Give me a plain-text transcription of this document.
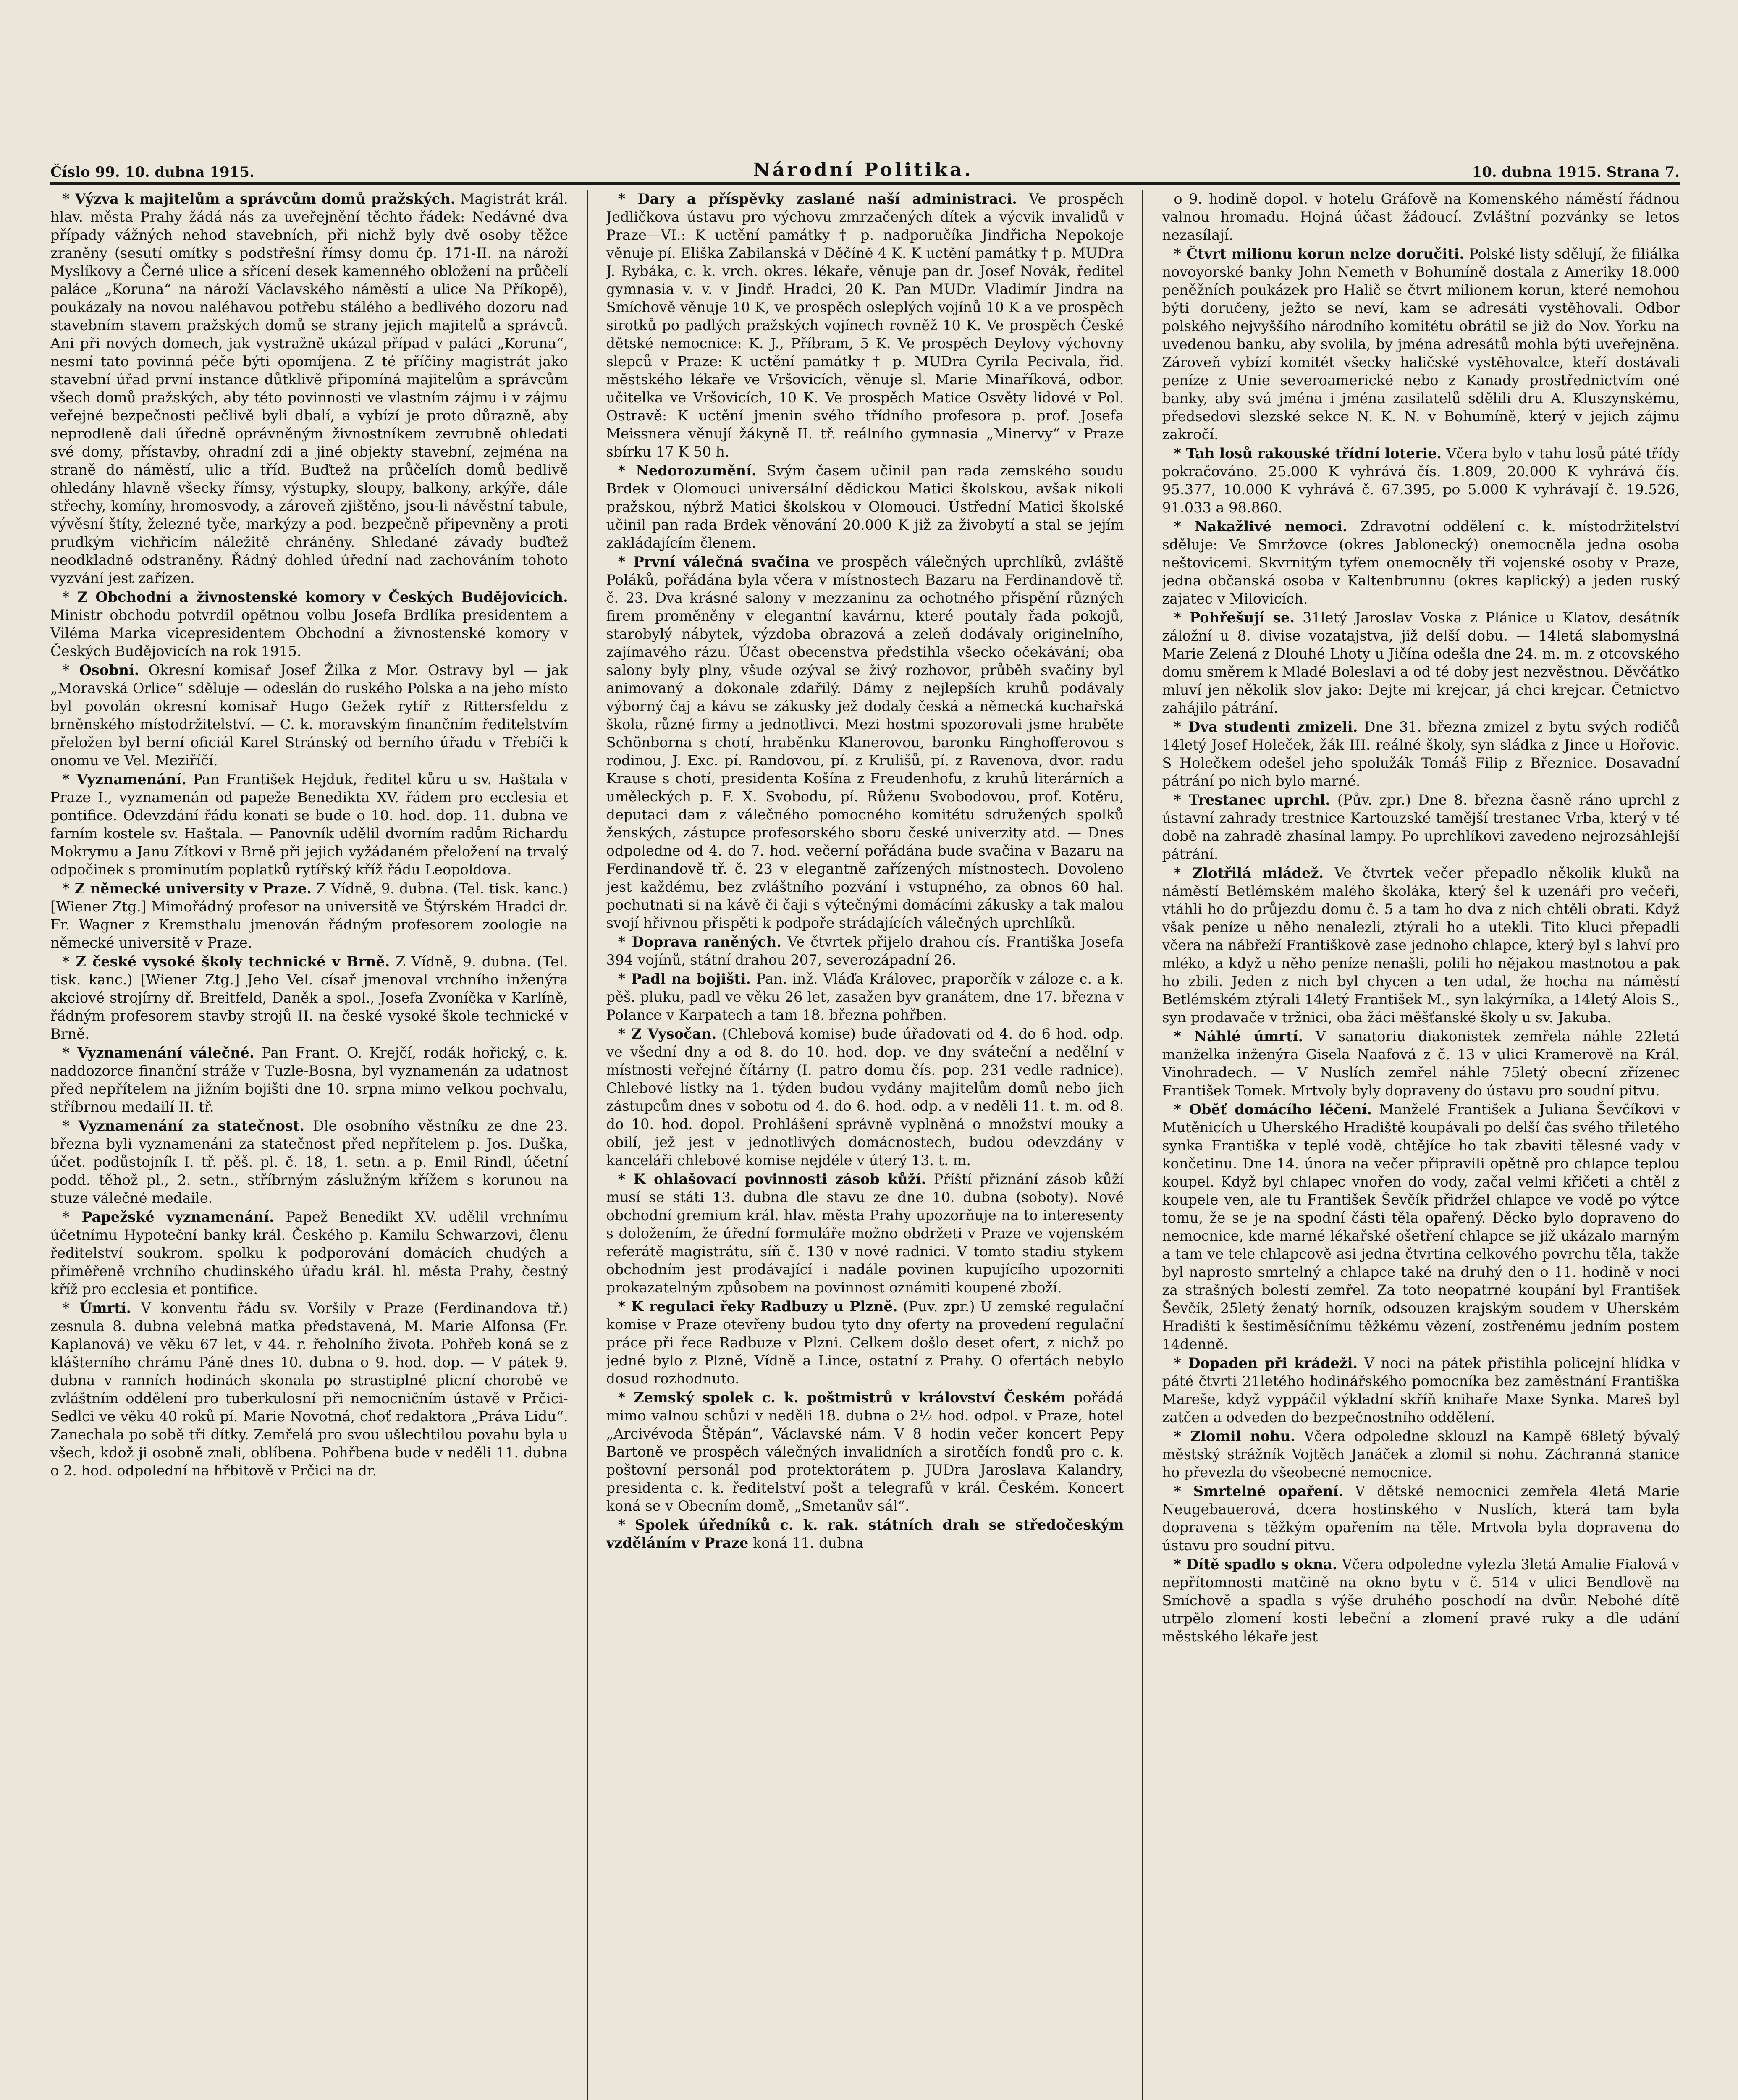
Číslo 99. 10. dubna 1915.	Národní Politika.	10. dubna 1915. Strana 7.

* Výzva k majitelům a správcům domů pražských. Magistrát král. hlav. města Prahy žádá nás za uveřejnění těchto řádek: Nedávné dva případy vážných nehod stavebních, při nichž byly dvě osoby těžce zraněny (sesutí omítky s podstřešní římsy domu čp. 171-II. na nároží Myslíkovy a Černé ulice a sřícení desek kamenného obložení na průčelí paláce „Koruna“ na nároží Václavského náměstí a ulice Na Příkopě), poukázaly na novou naléhavou potřebu stálého a bedlivého dozoru nad stavebním stavem pražských domů se strany jejich majitelů a správců. Ani při nových domech, jak vystražně ukázal případ v paláci „Koruna“, nesmí tato povinná péče býti opomíjena. Z té příčiny magistrát jako stavební úřad první instance důtklivě připomíná majitelům a správcům všech domů pražských, aby této povinnosti ve vlastním zájmu i v zájmu veřejné bezpečnosti pečlivě byli dbalí, a vybízí je proto důrazně, aby neprodleně dali úředně oprávněným živnostníkem zevrubně ohledati své domy, přístavby, ohradní zdi a jiné objekty stavební, zejména na straně do náměstí, ulic a tříd. Buďtež na průčelích domů bedlivě ohledány hlavně všecky římsy, výstupky, sloupy, balkony, arkýře, dále střechy, komíny, hromosvody, a zároveň zjištěno, jsou-li návěstní tabule, vývěsní štíty, železné tyče, markýzy a pod. bezpečně připevněny a proti prudkým vichřicím náležitě chráněny. Shledané závady buďtež neodkladně odstraněny. Řádný dohled úřední nad zachováním tohoto vyzvání jest zařízen.

* Z Obchodní a živnostenské komory v Českých Budějovicích. Ministr obchodu potvrdil opětnou volbu Josefa Brdlíka presidentem a Viléma Marka vicepresidentem Obchodní a živnostenské komory v Českých Budějovicích na rok 1915.

* Osobní. Okresní komisař Josef Žilka z Mor. Ostravy byl — jak „Moravská Orlice“ sděluje — odeslán do ruského Polska a na jeho místo byl povolán okresní komisař Hugo Gežek rytíř z Rittersfeldu z brněnského místodržitelství. — C. k. moravským finančním ředitelstvím přeložen byl berní oficiál Karel Stránský od berního úřadu v Třebíči k onomu ve Vel. Meziříčí.

* Vyznamenání. Pan František Hejduk, ředitel kůru u sv. Haštala v Praze I., vyznamenán od papeže Benedikta XV. řádem pro ecclesia et pontifice. Odevzdání řádu konati se bude o 10. hod. dop. 11. dubna ve farním kostele sv. Haštala. — Panovník udělil dvorním radům Richardu Mokrymu a Janu Zítkovi v Brně při jejich vyžádaném přeložení na trvalý odpočinek s prominutím poplatků rytířský kříž řádu Leopoldova.

* Z německé university v Praze. Z Vídně, 9. dubna. (Tel. tisk. kanc.) [Wiener Ztg.] Mimořádný profesor na universitě ve Štýrském Hradci dr. Fr. Wagner z Kremsthalu jmenován řádným profesorem zoologie na německé universitě v Praze.

* Z české vysoké školy technické v Brně. Z Vídně, 9. dubna. (Tel. tisk. kanc.) [Wiener Ztg.] Jeho Vel. císař jmenoval vrchního inženýra akciové strojírny dř. Breitfeld, Daněk a spol., Josefa Zvoníčka v Karlíně, řádným profesorem stavby strojů II. na české vysoké škole technické v Brně.

* Vyznamenání válečné. Pan Frant. O. Krejčí, rodák hořický, c. k. naddozorce finanční stráže v Tuzle-Bosna, byl vyznamenán za udatnost před nepřítelem na jižním bojišti dne 10. srpna mimo velkou pochvalu, stříbrnou medailí II. tř.

* Vyznamenání za statečnost. Dle osobního věstníku ze dne 23. března byli vyznamenáni za statečnost před nepřítelem p. Jos. Duška, účet. podůstojník I. tř. pěš. pl. č. 18, 1. setn. a p. Emil Rindl, účetní podd. těhož pl., 2. setn., stříbrným záslužným křížem s korunou na stuze válečné medaile.

* Papežské vyznamenání. Papež Benedikt XV. udělil vrchnímu účetnímu Hypoteční banky král. Českého p. Kamilu Schwarzovi, členu ředitelství soukrom. spolku k podporování domácích chudých a přiměřeně vrchního chudinského úřadu král. hl. města Prahy, čestný kříž pro ecclesia et pontifice.

* Úmrtí. V konventu řádu sv. Voršily v Praze (Ferdinandova tř.) zesnula 8. dubna velebná matka představená, M. Marie Alfonsa (Fr. Kaplanová) ve věku 67 let, v 44. r. řeholního života. Pohřeb koná se z klášterního chrámu Páně dnes 10. dubna o 9. hod. dop. — V pátek 9. dubna v ranních hodinách skonala po strastiplné plicní chorobě ve zvláštním oddělení pro tuberkulosní při nemocničním ústavě v Prčici-Sedlci ve věku 40 roků pí. Marie Novotná, choť redaktora „Práva Lidu“. Zanechala po sobě tři dítky. Zemřelá pro svou ušlechtilou povahu byla u všech, kdož ji osobně znali, oblíbena. Pohřbena bude v neděli 11. dubna o 2. hod. odpolední na hřbitově v Prčici na dr.

* Dary a příspěvky zaslané naší administraci. Ve prospěch Jedličkova ústavu pro výchovu zmrzačených dítek a výcvik invalidů v Praze—VI.: K uctění památky † p. nadporučíka Jindřicha Nepokoje věnuje pí. Eliška Zabilanská v Děčíně 4 K. K uctění památky † p. MUDra J. Rybáka, c. k. vrch. okres. lékaře, věnuje pan dr. Josef Novák, ředitel gymnasia v. v. v Jindř. Hradci, 20 K. Pan MUDr. Vladimír Jindra na Smíchově věnuje 10 K, ve prospěch osleplých vojínů 10 K a ve prospěch sirotků po padlých pražských vojínech rovněž 10 K. Ve prospěch České dětské nemocnice: K. J., Příbram, 5 K. Ve prospěch Deylovy výchovny slepců v Praze: K uctění památky † p. MUDra Cyrila Pecivala, řid. městského lékaře ve Vršovicích, věnuje sl. Marie Minaříková, odbor. učitelka ve Vršovicích, 10 K. Ve prospěch Matice Osvěty lidové v Pol. Ostravě: K uctění jmenin svého třídního profesora p. prof. Josefa Meissnera věnují žákyně II. tř. reálního gymnasia „Minervy“ v Praze sbírku 17 K 50 h.

* Nedorozumění. Svým časem učinil pan rada zemského soudu Brdek v Olomouci universální dědickou Matici školskou, avšak nikoli pražskou, nýbrž Matici školskou v Olomouci. Ústřední Matici školské učinil pan rada Brdek věnování 20.000 K již za živobytí a stal se jejím zakládajícím členem.

* První válečná svačina ve prospěch válečných uprchlíků, zvláště Poláků, pořádána byla včera v místnostech Bazaru na Ferdinandově tř. č. 23. Dva krásné salony v mezzaninu za ochotného přispění různých firem proměněny v elegantní kavárnu, které poutaly řada pokojů, starobylý nábytek, výzdoba obrazová a zeleň dodávaly originelního, zajímavého rázu. Účast obecenstva předstihla všecko očekávání; oba salony byly plny, všude ozýval se živý rozhovor, průběh svačiny byl animovaný a dokonale zdařilý. Dámy z nejlepších kruhů podávaly výborný čaj a kávu se zákusky jež dodaly česká a německá kuchařská škola, různé firmy a jednotlivci. Mezi hostmi spozorovali jsme hraběte Schönborna s chotí, hraběnku Klanerovou, baronku Ringhofferovou s rodinou, J. Exc. pí. Randovou, pí. z Krulišů, pí. z Ravenova, dvor. radu Krause s chotí, presidenta Košína z Freudenhofu, z kruhů literárních a uměleckých p. F. X. Svobodu, pí. Růženu Svobodovou, prof. Kotěru, deputaci dam z válečného pomocného komitétu sdružených spolků ženských, zástupce profesorského sboru české univerzity atd. — Dnes odpoledne od 4. do 7. hod. večerní pořádána bude svačina v Bazaru na Ferdinandově tř. č. 23 v elegantně zařízených místnostech. Dovoleno jest každému, bez zvláštního pozvání i vstupného, za obnos 60 hal. pochutnati si na kávě či čaji s výtečnými domácími zákusky a tak malou svojí hřivnou přispěti k podpoře strádajících válečných uprchlíků.

* Doprava raněných. Ve čtvrtek přijelo drahou cís. Františka Josefa 394 vojínů, státní drahou 207, severozápadní 26.

* Padl na bojišti. Pan. inž. Vláďa Královec, praporčík v záloze c. a k. pěš. pluku, padl ve věku 26 let, zasažen byv granátem, dne 17. března v Polance v Karpatech a tam 18. března pohřben.

* Z Vysočan. (Chlebová komise) bude úřadovati od 4. do 6 hod. odp. ve všední dny a od 8. do 10. hod. dop. ve dny sváteční a nedělní v místnosti veřejné čítárny (I. patro domu čís. pop. 231 vedle radnice). Chlebové lístky na 1. týden budou vydány majitelům domů nebo jich zástupcům dnes v sobotu od 4. do 6. hod. odp. a v neděli 11. t. m. od 8. do 10. hod. dopol. Prohlášení správně vyplněná o množství mouky a obilí, jež jest v jednotlivých domácnostech, budou odevzdány v kanceláři chlebové komise nejdéle v úterý 13. t. m.

* K ohlašovací povinnosti zásob kůží. Příští přiznání zásob kůží musí se státi 13. dubna dle stavu ze dne 10. dubna (soboty). Nové obchodní gremium král. hlav. města Prahy upozorňuje na to interesenty s doložením, že úřední formuláře možno obdržeti v Praze ve vojenském referátě magistrátu, síň č. 130 v nové radnici. V tomto stadiu stykem obchodním jest prodávající i nadále povinen kupujícího upozorniti prokazatelným způsobem na povinnost oznámiti koupené zboží.

* K regulaci řeky Radbuzy u Plzně. (Puv. zpr.) U zemské regulační komise v Praze otevřeny budou tyto dny oferty na provedení regulační práce při řece Radbuze v Plzni. Celkem došlo deset ofert, z nichž po jedné bylo z Plzně, Vídně a Lince, ostatní z Prahy. O ofertách nebylo dosud rozhodnuto.

* Zemský spolek c. k. poštmistrů v království Českém pořádá mimo valnou schůzi v neděli 18. dubna o 2½ hod. odpol. v Praze, hotel „Arcivévoda Štěpán“, Václavské nám. V 8 hodin večer koncert Pepy Bartoně ve prospěch válečných invalidních a sirotčích fondů pro c. k. poštovní personál pod protektorátem p. JUDra Jaroslava Kalandry, presidenta c. k. ředitelství pošt a telegrafů v král. Českém. Koncert koná se v Obecním domě, „Smetanův sál“.

* Spolek úředníků c. k. rak. státních drah se středočeským vzděláním v Praze koná 11. dubna

o 9. hodině dopol. v hotelu Gráfově na Komenského náměstí řádnou valnou hromadu. Hojná účast žádoucí. Zvláštní pozvánky se letos nezasílají.

* Čtvrt milionu korun nelze doručiti. Polské listy sdělují, že filiálka novoyorské banky John Nemeth v Bohumíně dostala z Ameriky 18.000 peněžních poukázek pro Halič se čtvrt milionem korun, které nemohou býti doručeny, ježto se neví, kam se adresáti vystěhovali. Odbor polského nejvyššího národního komitétu obrátil se již do Nov. Yorku na uvedenou banku, aby svolila, by jména adresátů mohla býti uveřejněna. Zároveň vybízí komitét všecky haličské vystěhovalce, kteří dostávali peníze z Unie severoamerické nebo z Kanady prostřednictvím oné banky, aby svá jména i jména zasilatelů sdělili dru A. Kluszynskému, předsedovi slezské sekce N. K. N. v Bohumíně, který v jejich zájmu zakročí.

* Tah losů rakouské třídní loterie. Včera bylo v tahu losů páté třídy pokračováno. 25.000 K vyhrává čís. 1.809, 20.000 K vyhrává čís. 95.377, 10.000 K vyhrává č. 67.395, po 5.000 K vyhrávají č. 19.526, 91.033 a 98.860.

* Nakažlivé nemoci. Zdravotní oddělení c. k. místodržitelství sděluje: Ve Smržovce (okres Jablonecký) onemocněla jedna osoba neštovicemi. Skvrnitým tyfem onemocněly tři vojenské osoby v Praze, jedna občanská osoba v Kaltenbrunnu (okres kaplický) a jeden ruský zajatec v Milovicích.

* Pohřešují se. 31letý Jaroslav Voska z Plánice u Klatov, desátník záložní u 8. divise vozatajstva, již delší dobu. — 14letá slabomyslná Marie Zelená z Dlouhé Lhoty u Jičína odešla dne 24. m. m. z otcovského domu směrem k Mladé Boleslavi a od té doby jest nezvěstnou. Děvčátko mluví jen několik slov jako: Dejte mi krejcar, já chci krejcar. Četnictvo zahájilo pátrání.

* Dva studenti zmizeli. Dne 31. března zmizel z bytu svých rodičů 14letý Josef Holeček, žák III. reálné školy, syn sládka z Jince u Hořovic. S Holečkem odešel jeho spolužák Tomáš Filip z Březnice. Dosavadní pátrání po nich bylo marné.

* Trestanec uprchl. (Pův. zpr.) Dne 8. března časně ráno uprchl z ústavní zahrady trestnice Kartouzské tamější trestanec Vrba, který v té době na zahradě zhasínal lampy. Po uprchlíkovi zavedeno nejrozsáhlejší pátrání.

* Zlotřilá mládež. Ve čtvrtek večer přepadlo několik kluků na náměstí Betlémském malého školáka, který šel k uzenáři pro večeři, vtáhli ho do průjezdu domu č. 5 a tam ho dva z nich chtěli obrati. Když však peníze u něho nenalezli, ztýrali ho a utekli. Tito kluci přepadli včera na nábřeží Františkově zase jednoho chlapce, který byl s lahví pro mléko, a když u něho peníze nenašli, polili ho nějakou mastnotou a pak ho zbili. Jeden z nich byl chycen a ten udal, že hocha na náměstí Betlémském ztýrali 14letý František M., syn lakýrníka, a 14letý Alois S., syn prodavače v tržnici, oba žáci měšťanské školy u sv. Jakuba.

* Náhlé úmrtí. V sanatoriu diakonistek zemřela náhle 22letá manželka inženýra Gisela Naafová z č. 13 v ulici Kramerově na Král. Vinohradech. — V Nuslích zemřel náhle 75letý obecní zřízenec František Tomek. Mrtvoly byly dopraveny do ústavu pro soudní pitvu.

* Oběť domácího léčení. Manželé František a Juliana Ševčíkovi v Mutěnicích u Uherského Hradiště koupávali po delší čas svého třiletého synka Františka v teplé vodě, chtějíce ho tak zbaviti tělesné vady v končetinu. Dne 14. února na večer připravili opětně pro chlapce teplou koupel. Když byl chlapec vnořen do vody, začal velmi křičeti a chtěl z koupele ven, ale tu František Ševčík přidržel chlapce ve vodě po výtce tomu, že se je na spodní části těla opařený. Děcko bylo dopraveno do nemocnice, kde marné lékařské ošetření chlapce se již ukázalo marným a tam ve tele chlapcově asi jedna čtvrtina celkového povrchu těla, takže byl naprosto smrtelný a chlapce také na druhý den o 11. hodině v noci za strašných bolestí zemřel. Za toto neopatrné koupání byl František Ševčík, 25letý ženatý horník, odsouzen krajským soudem v Uherském Hradišti k šestiměsíčnímu těžkému vězení, zostřenému jedním postem 14denně.

* Dopaden při krádeži. V noci na pátek přistihla policejní hlídka v páté čtvrti 21letého hodinářského pomocníka bez zaměstnání Františka Mareše, když vyppáčil výkladní skříň knihaře Maxe Synka. Mareš byl zatčen a odveden do bezpečnostního oddělení.

* Zlomil nohu. Včera odpoledne sklouzl na Kampě 68letý bývalý městský strážník Vojtěch Janáček a zlomil si nohu. Záchranná stanice ho převezla do všeobecné nemocnice.

* Smrtelné opaření. V dětské nemocnici zemřela 4letá Marie Neugebauerová, dcera hostinského v Nuslích, která tam byla dopravena s těžkým opařením na těle. Mrtvola byla dopravena do ústavu pro soudní pitvu.

* Dítě spadlo s okna. Včera odpoledne vylezla 3letá Amalie Fialová v nepřítomnosti matčině na okno bytu v č. 514 v ulici Bendlově na Smíchově a spadla s výše druhého poschodí na dvůr. Nebohé dítě utrpělo zlomení kosti lebeční a zlomení pravé ruky a dle udání městského lékaře jest
